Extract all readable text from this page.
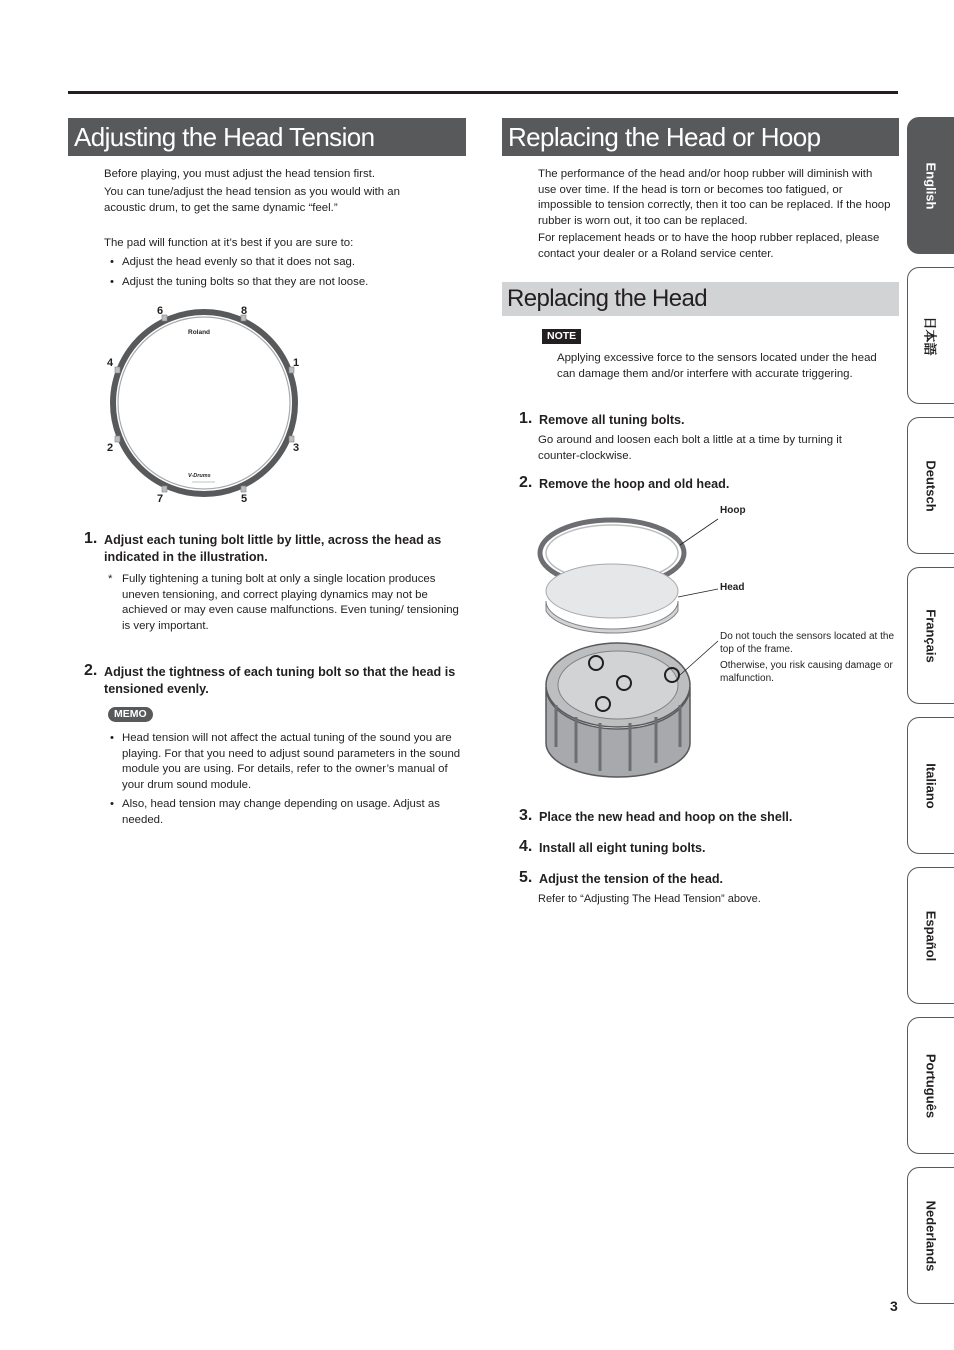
Adjusting the Head Tension

Before playing, you must adjust the head tension first.

You can tune/adjust the head tension as you would with an acoustic drum, to get the same dynamic “feel.”

The pad will function at it’s best if you are sure to:

• Adjust the head evenly so that it does not sag.
• Adjust the tuning bolts so that they are not loose.
Roland
V-Drums
6	8
4	1
2	3
7	5
1. Adjust each tuning bolt little by little, across the head as indicated in the illustration.
* Fully tightening a tuning bolt at only a single location produces uneven tensioning, and correct playing dynamics may not be achieved or may even cause malfunctions. Even tuning/ tensioning is very important.

2. Adjust the tightness of each tuning bolt so that the head is tensioned evenly.
MEMO
• Head tension will not affect the actual tuning of the sound you are playing. For that you need to adjust sound parameters in the sound module you are using. For details, refer to the owner’s manual of your drum sound module.
• Also, head tension may change depending on usage. Adjust as needed.
Replacing the Head or Hoop Rubber

The performance of the head and/or hoop rubber will diminish with use over time. If the head is torn or becomes too fatigued, or impossible to tension correctly, then it too can be replaced. If the hoop rubber is worn out, it too can be replaced.

For replacement heads or to have the hoop rubber replaced, please contact your dealer or a Roland service center.

Replacing the Head
NOTE

Applying excessive force to the sensors located under the head can damage them and/or interfere with accurate triggering.

1. Remove all tuning bolts.

Go around and loosen each bolt a little at a time by turning it counter-clockwise.

2. Remove the hoop and old head.
Hoop
Head
Do not touch the sensors located at the top of the frame.
Otherwise, you risk causing damage or malfunction.
3. Place the new head and hoop on the shell.
4. Install all eight tuning bolts.
5. Adjust the tension of the head.

Refer to “Adjusting The Head Tension” above.

English
日本語
Deutsch
Français
Italiano
Español
Português
Nederlands
3
